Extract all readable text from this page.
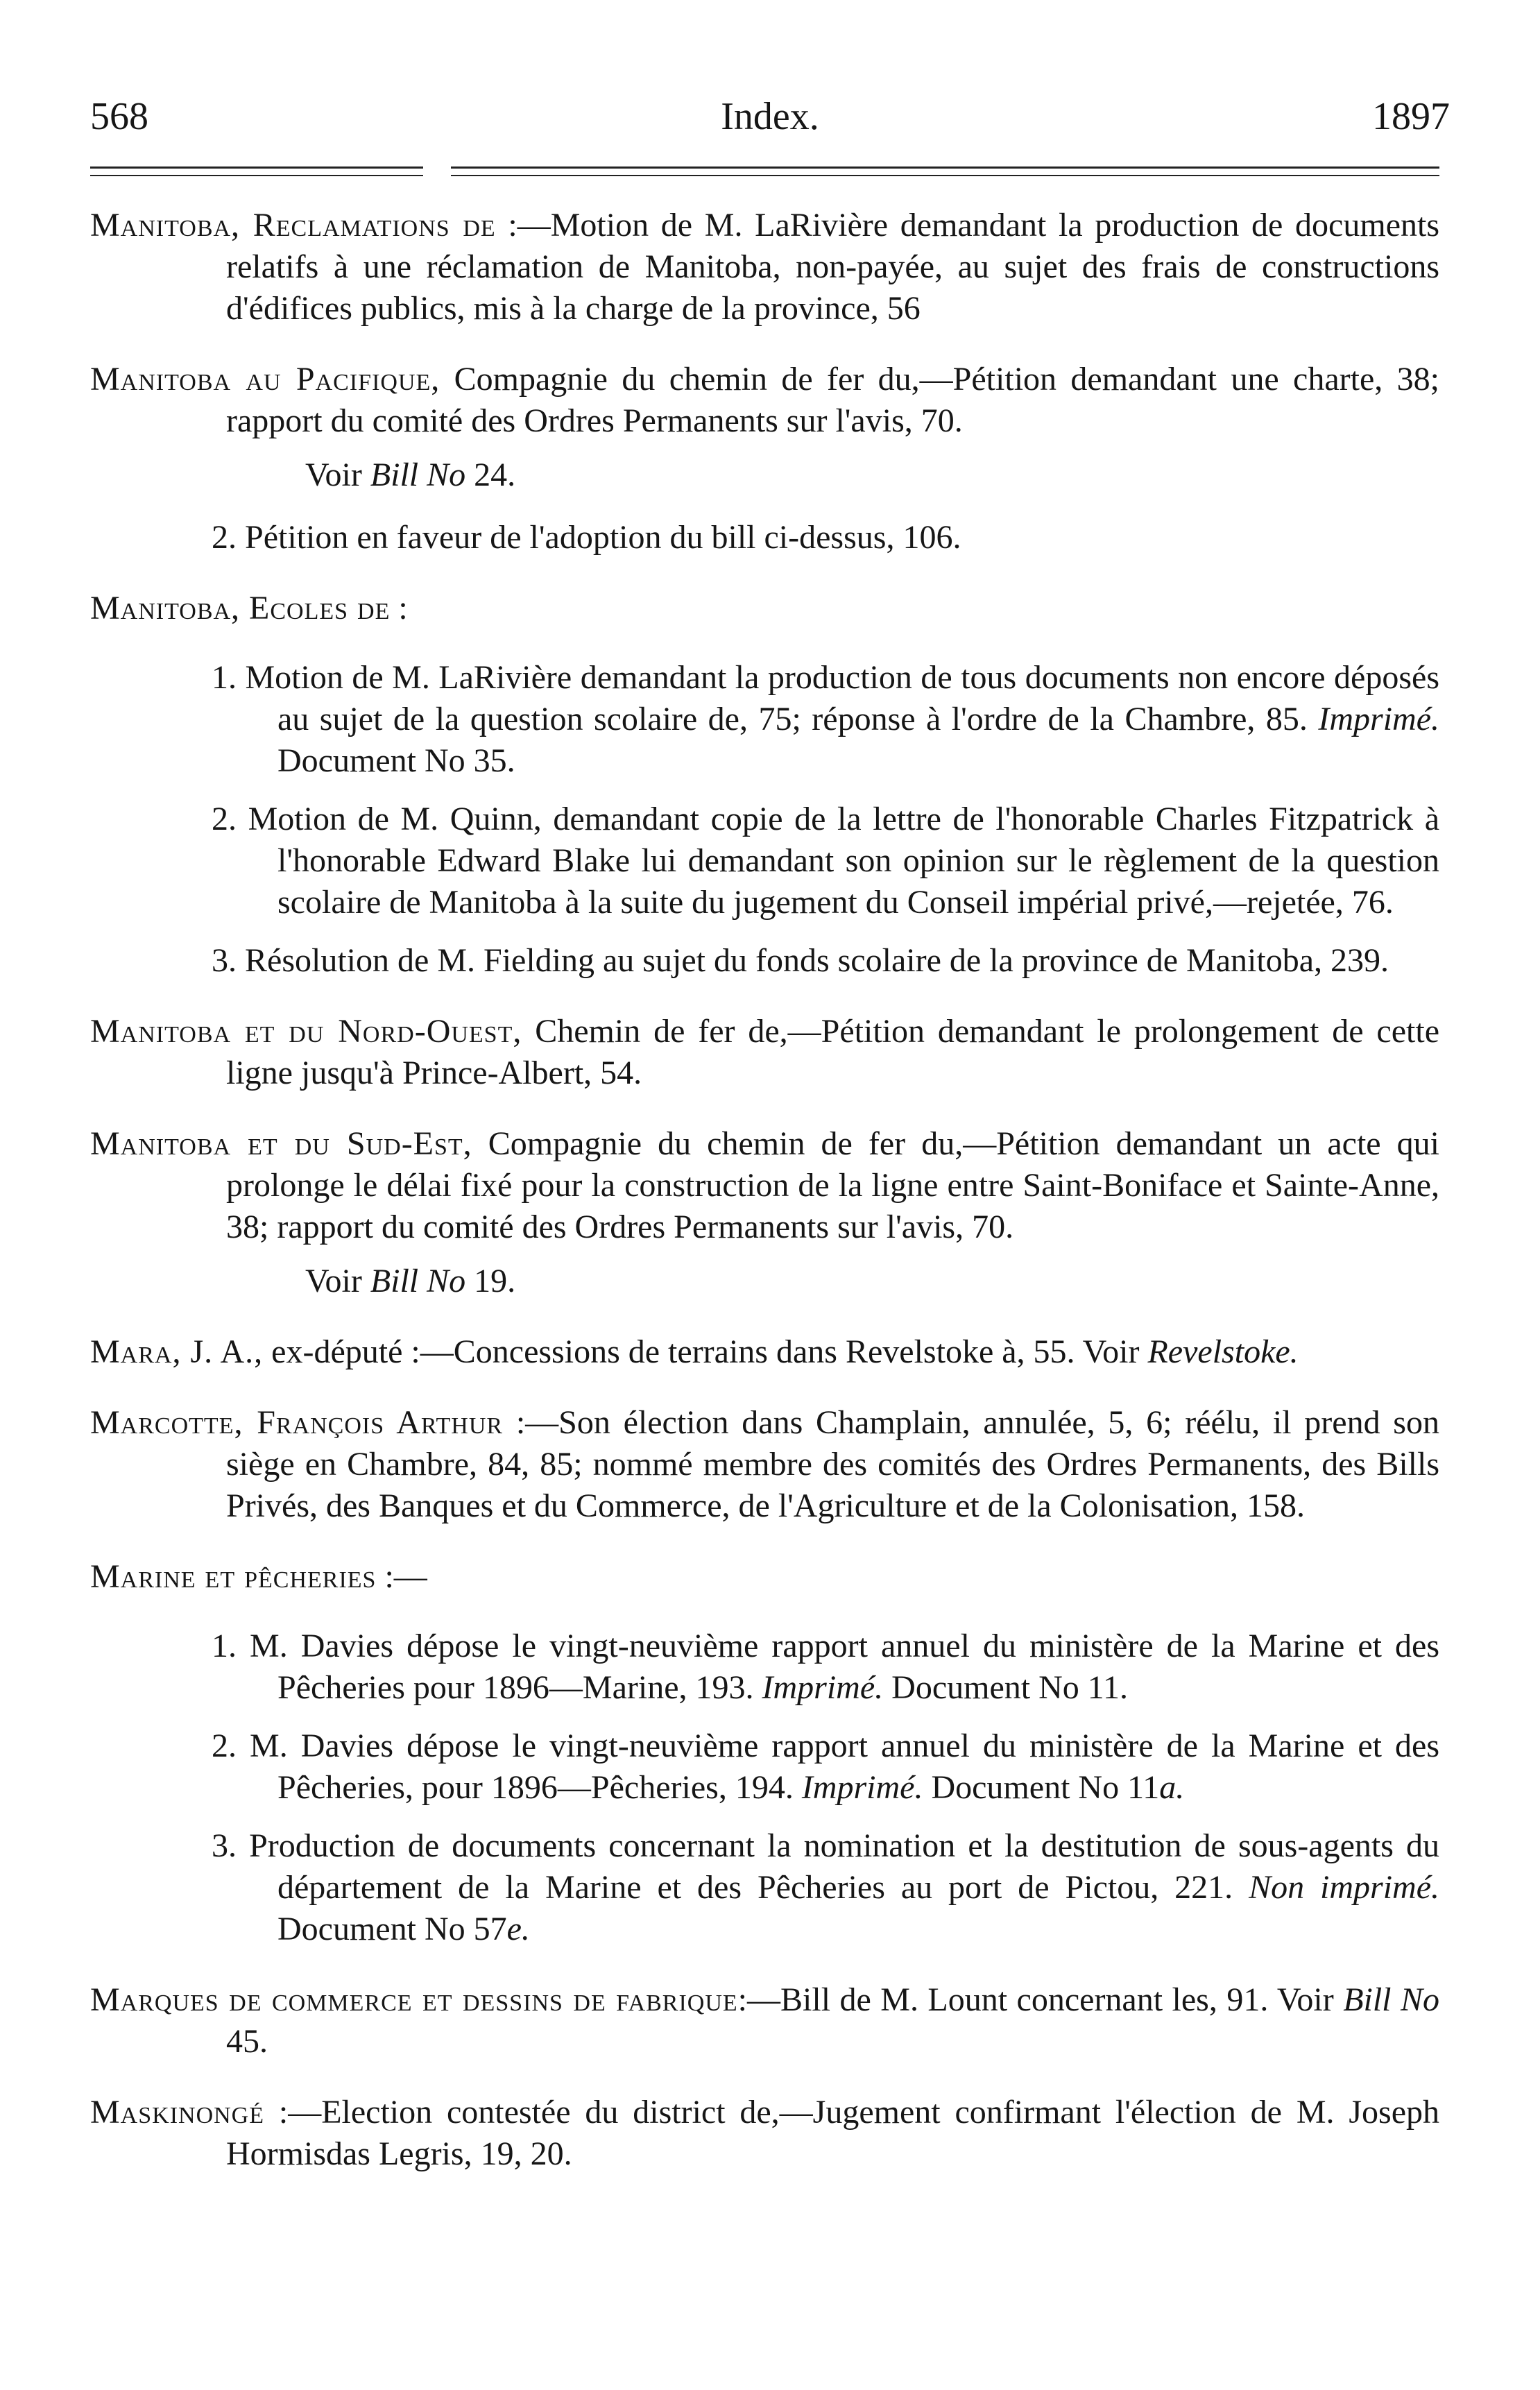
Index.
568	1897

Manitoba, Reclamations de :—Motion de M. LaRivière demandant la production de documents relatifs à une réclamation de Manitoba, non-payée, au sujet des frais de constructions d'édifices publics, mis à la charge de la province, 56

Manitoba au Pacifique, Compagnie du chemin de fer du,—Pétition demandant une charte, 38; rapport du comité des Ordres Permanents sur l'avis, 70.

Voir Bill No 24.

2. Pétition en faveur de l'adoption du bill ci-dessus, 106.

Manitoba, Ecoles de :

1. Motion de M. LaRivière demandant la production de tous documents non encore déposés au sujet de la question scolaire de, 75; réponse à l'ordre de la Chambre, 85. Imprimé. Document No 35.

2. Motion de M. Quinn, demandant copie de la lettre de l'honorable Charles Fitzpatrick à l'honorable Edward Blake lui demandant son opinion sur le règlement de la question scolaire de Manitoba à la suite du jugement du Conseil impérial privé,—rejetée, 76.

3. Résolution de M. Fielding au sujet du fonds scolaire de la province de Manitoba, 239.

Manitoba et du Nord-Ouest, Chemin de fer de,—Pétition demandant le prolongement de cette ligne jusqu'à Prince-Albert, 54.

Manitoba et du Sud-Est, Compagnie du chemin de fer du,—Pétition demandant un acte qui prolonge le délai fixé pour la construction de la ligne entre Saint-Boniface et Sainte-Anne, 38; rapport du comité des Ordres Permanents sur l'avis, 70.

Voir Bill No 19.

Mara, J. A., ex-député :—Concessions de terrains dans Revelstoke à, 55. Voir Revelstoke.

Marcotte, François Arthur :—Son élection dans Champlain, annulée, 5, 6; réélu, il prend son siège en Chambre, 84, 85; nommé membre des comités des Ordres Permanents, des Bills Privés, des Banques et du Commerce, de l'Agriculture et de la Colonisation, 158.

Marine et pêcheries :—

1. M. Davies dépose le vingt-neuvième rapport annuel du ministère de la Marine et des Pêcheries pour 1896—Marine, 193. Imprimé. Document No 11.

2. M. Davies dépose le vingt-neuvième rapport annuel du ministère de la Marine et des Pêcheries, pour 1896—Pêcheries, 194. Imprimé. Document No 11a.

3. Production de documents concernant la nomination et la destitution de sous-agents du département de la Marine et des Pêcheries au port de Pictou, 221. Non imprimé. Document No 57e.

Marques de commerce et dessins de fabrique:—Bill de M. Lount concernant les, 91. Voir Bill No 45.

Maskinongé :—Election contestée du district de,—Jugement confirmant l'élection de M. Joseph Hormisdas Legris, 19, 20.
